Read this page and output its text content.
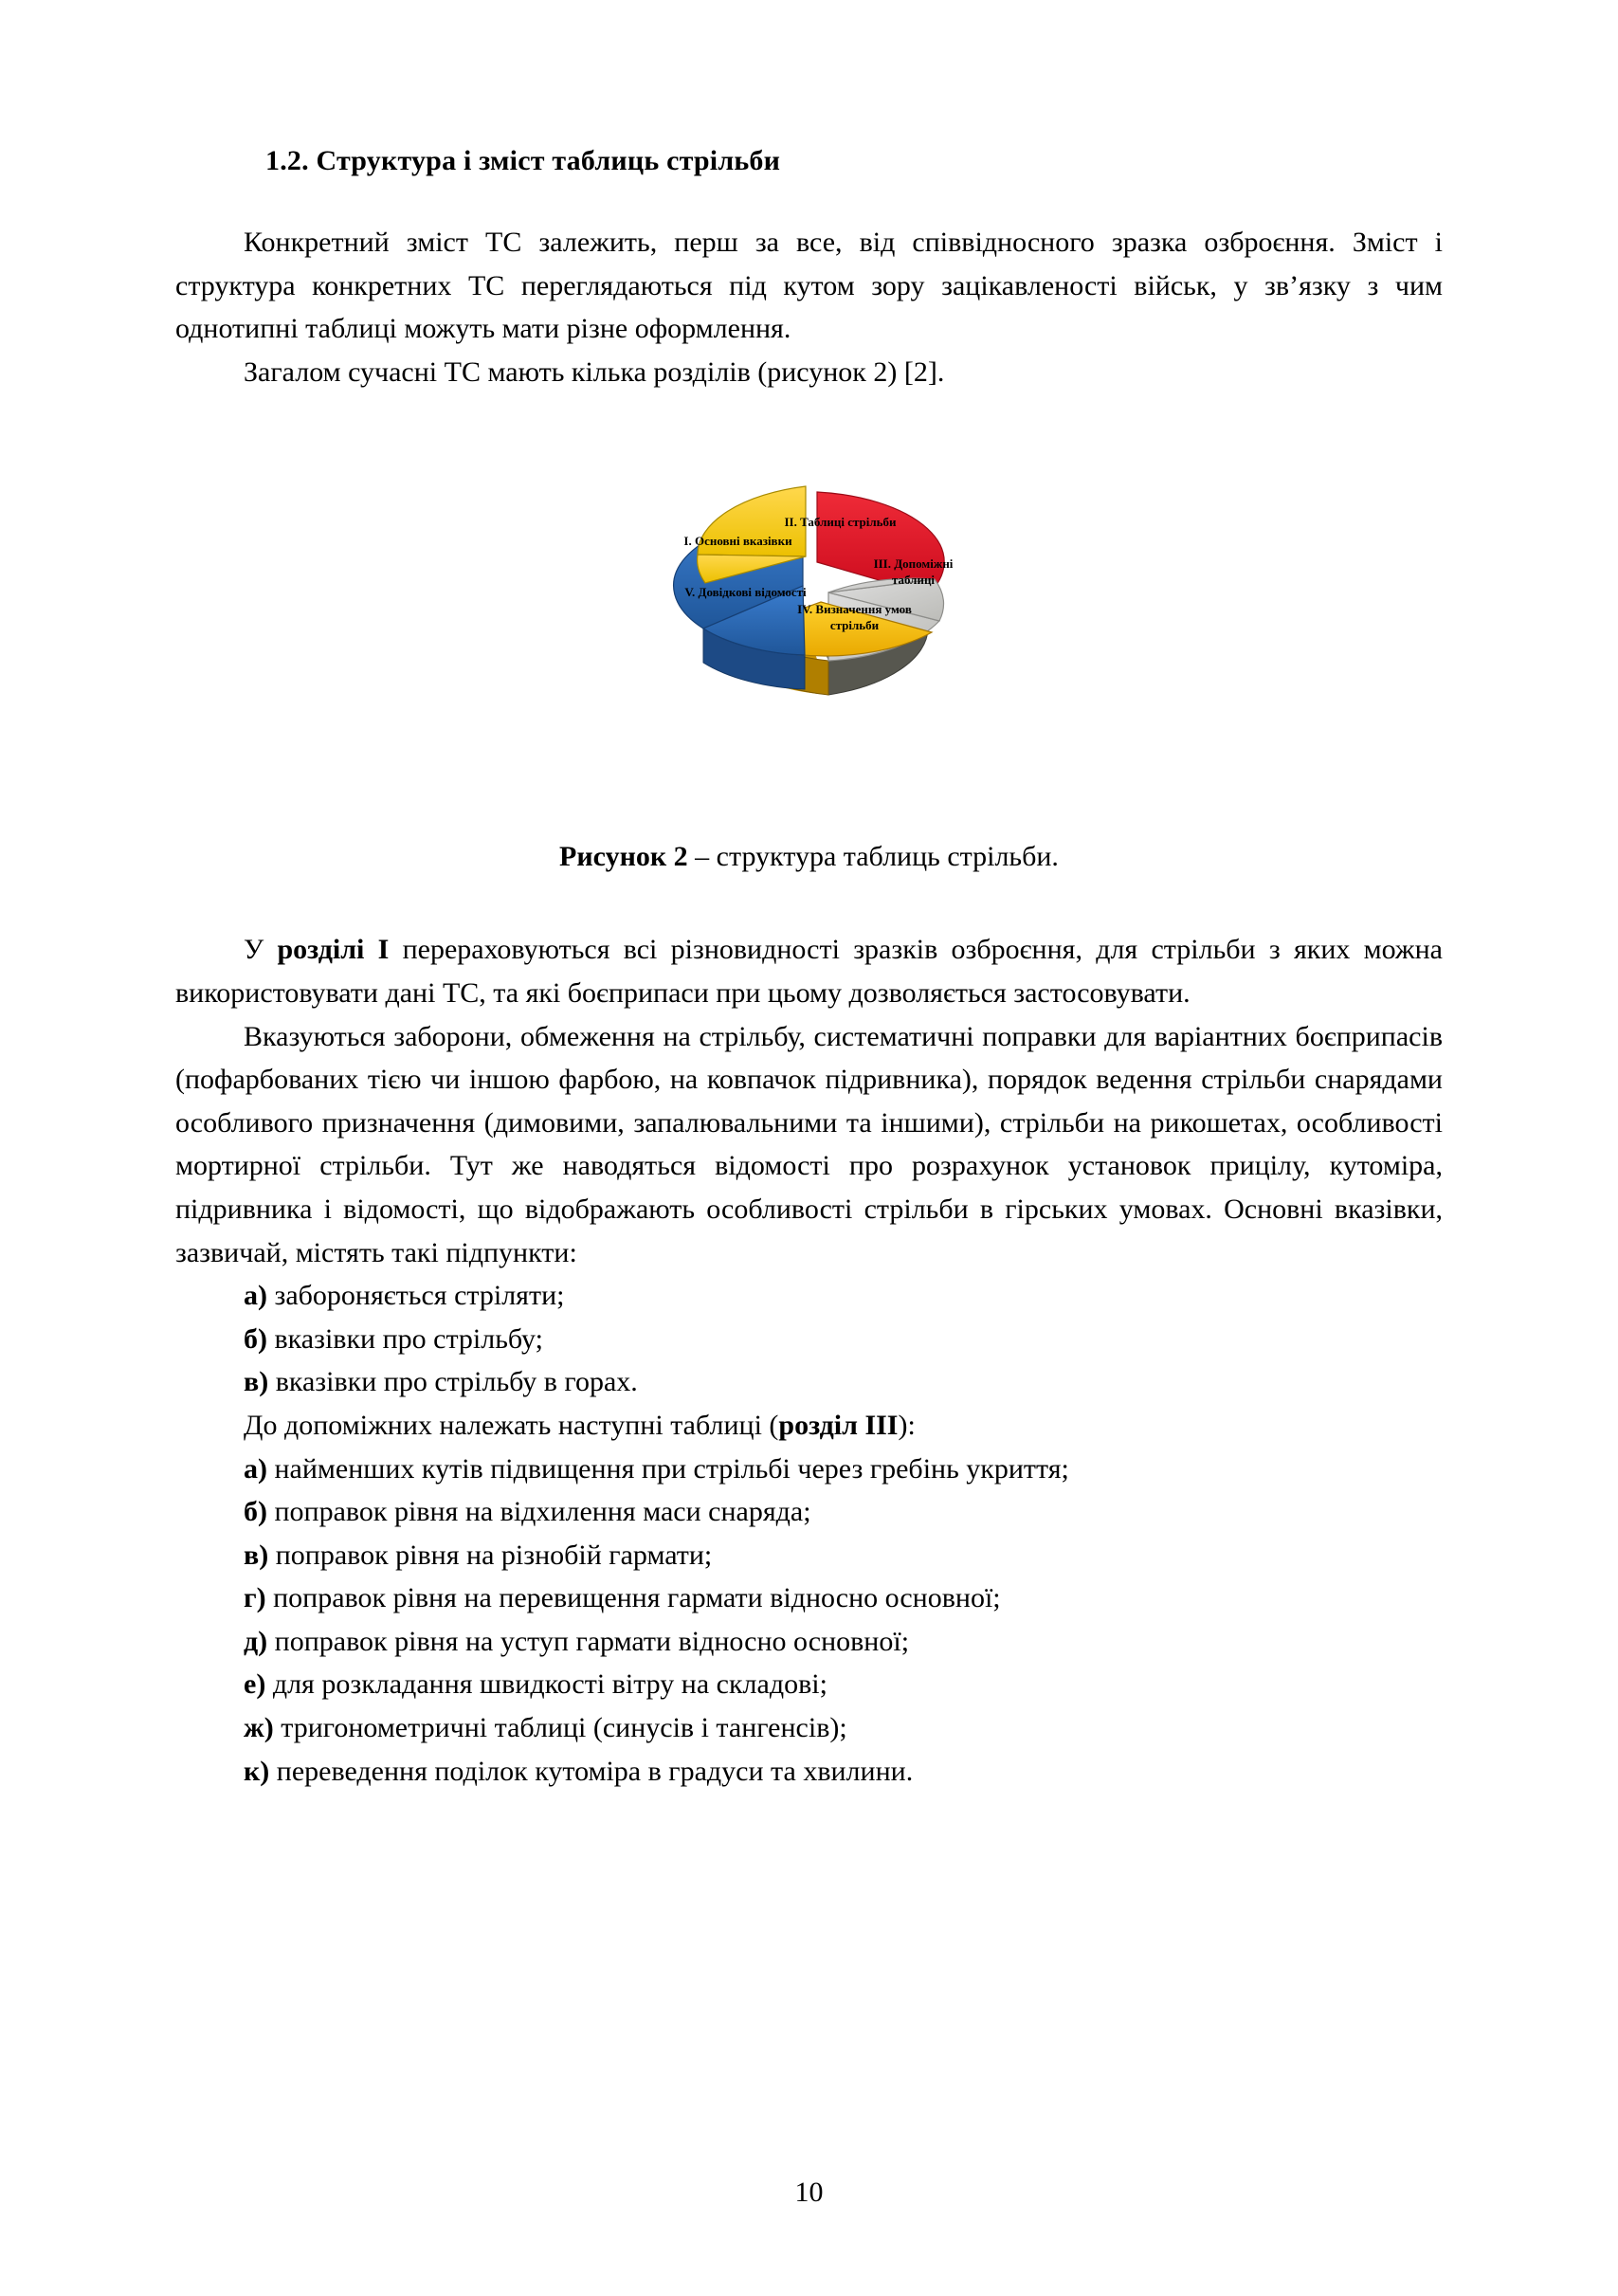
1.2. Структура і зміст таблиць стрільби

Конкретний зміст ТС залежить, перш за все, від співвідносного зразка озброєння. Зміст і структура конкретних ТС переглядаються під кутом зору зацікавленості військ, у зв’язку з чим однотипні таблиці можуть мати різне оформлення.

Загалом сучасні ТС мають кілька розділів (рисунок 2) [2].

II. Таблиці стрільби
III. Допоміжні таблиці
IV. Визначення умов стрільби
V. Довідкові відомості
I. Основні вказівки
Рисунок 2 – структура таблиць стрільби.

У розділі I перераховуються всі різновидності зразків озброєння, для стрільби з яких можна використовувати дані ТС, та які боєприпаси при цьому дозволяється застосовувати.

Вказуються заборони, обмеження на стрільбу, систематичні поправки для варіантних боєприпасів (пофарбованих тією чи іншою фарбою, на ковпачок підривника), порядок ведення стрільби снарядами особливого призначення (димовими, запалювальними та іншими), стрільби на рикошетах, особливості мортирної стрільби. Тут же наводяться відомості про розрахунок установок прицілу, кутоміра, підривника і відомості, що відображають особливості стрільби в гірських умовах. Основні вказівки, зазвичай, містять такі підпункти:

а) забороняється стріляти;
б) вказівки про стрільбу;
в) вказівки про стрільбу в горах.
До допоміжних належать наступні таблиці (розділ III):
а) найменших кутів підвищення при стрільбі через гребінь укриття;
б) поправок рівня на відхилення маси снаряда;
в) поправок рівня на різнобій гармати;
г) поправок рівня на перевищення гармати відносно основної;
д) поправок рівня на уступ гармати відносно основної;
е) для розкладання швидкості вітру на складові;
ж) тригонометричні таблиці (синусів і тангенсів);
к) переведення поділок кутоміра в градуси та хвилини.
10
